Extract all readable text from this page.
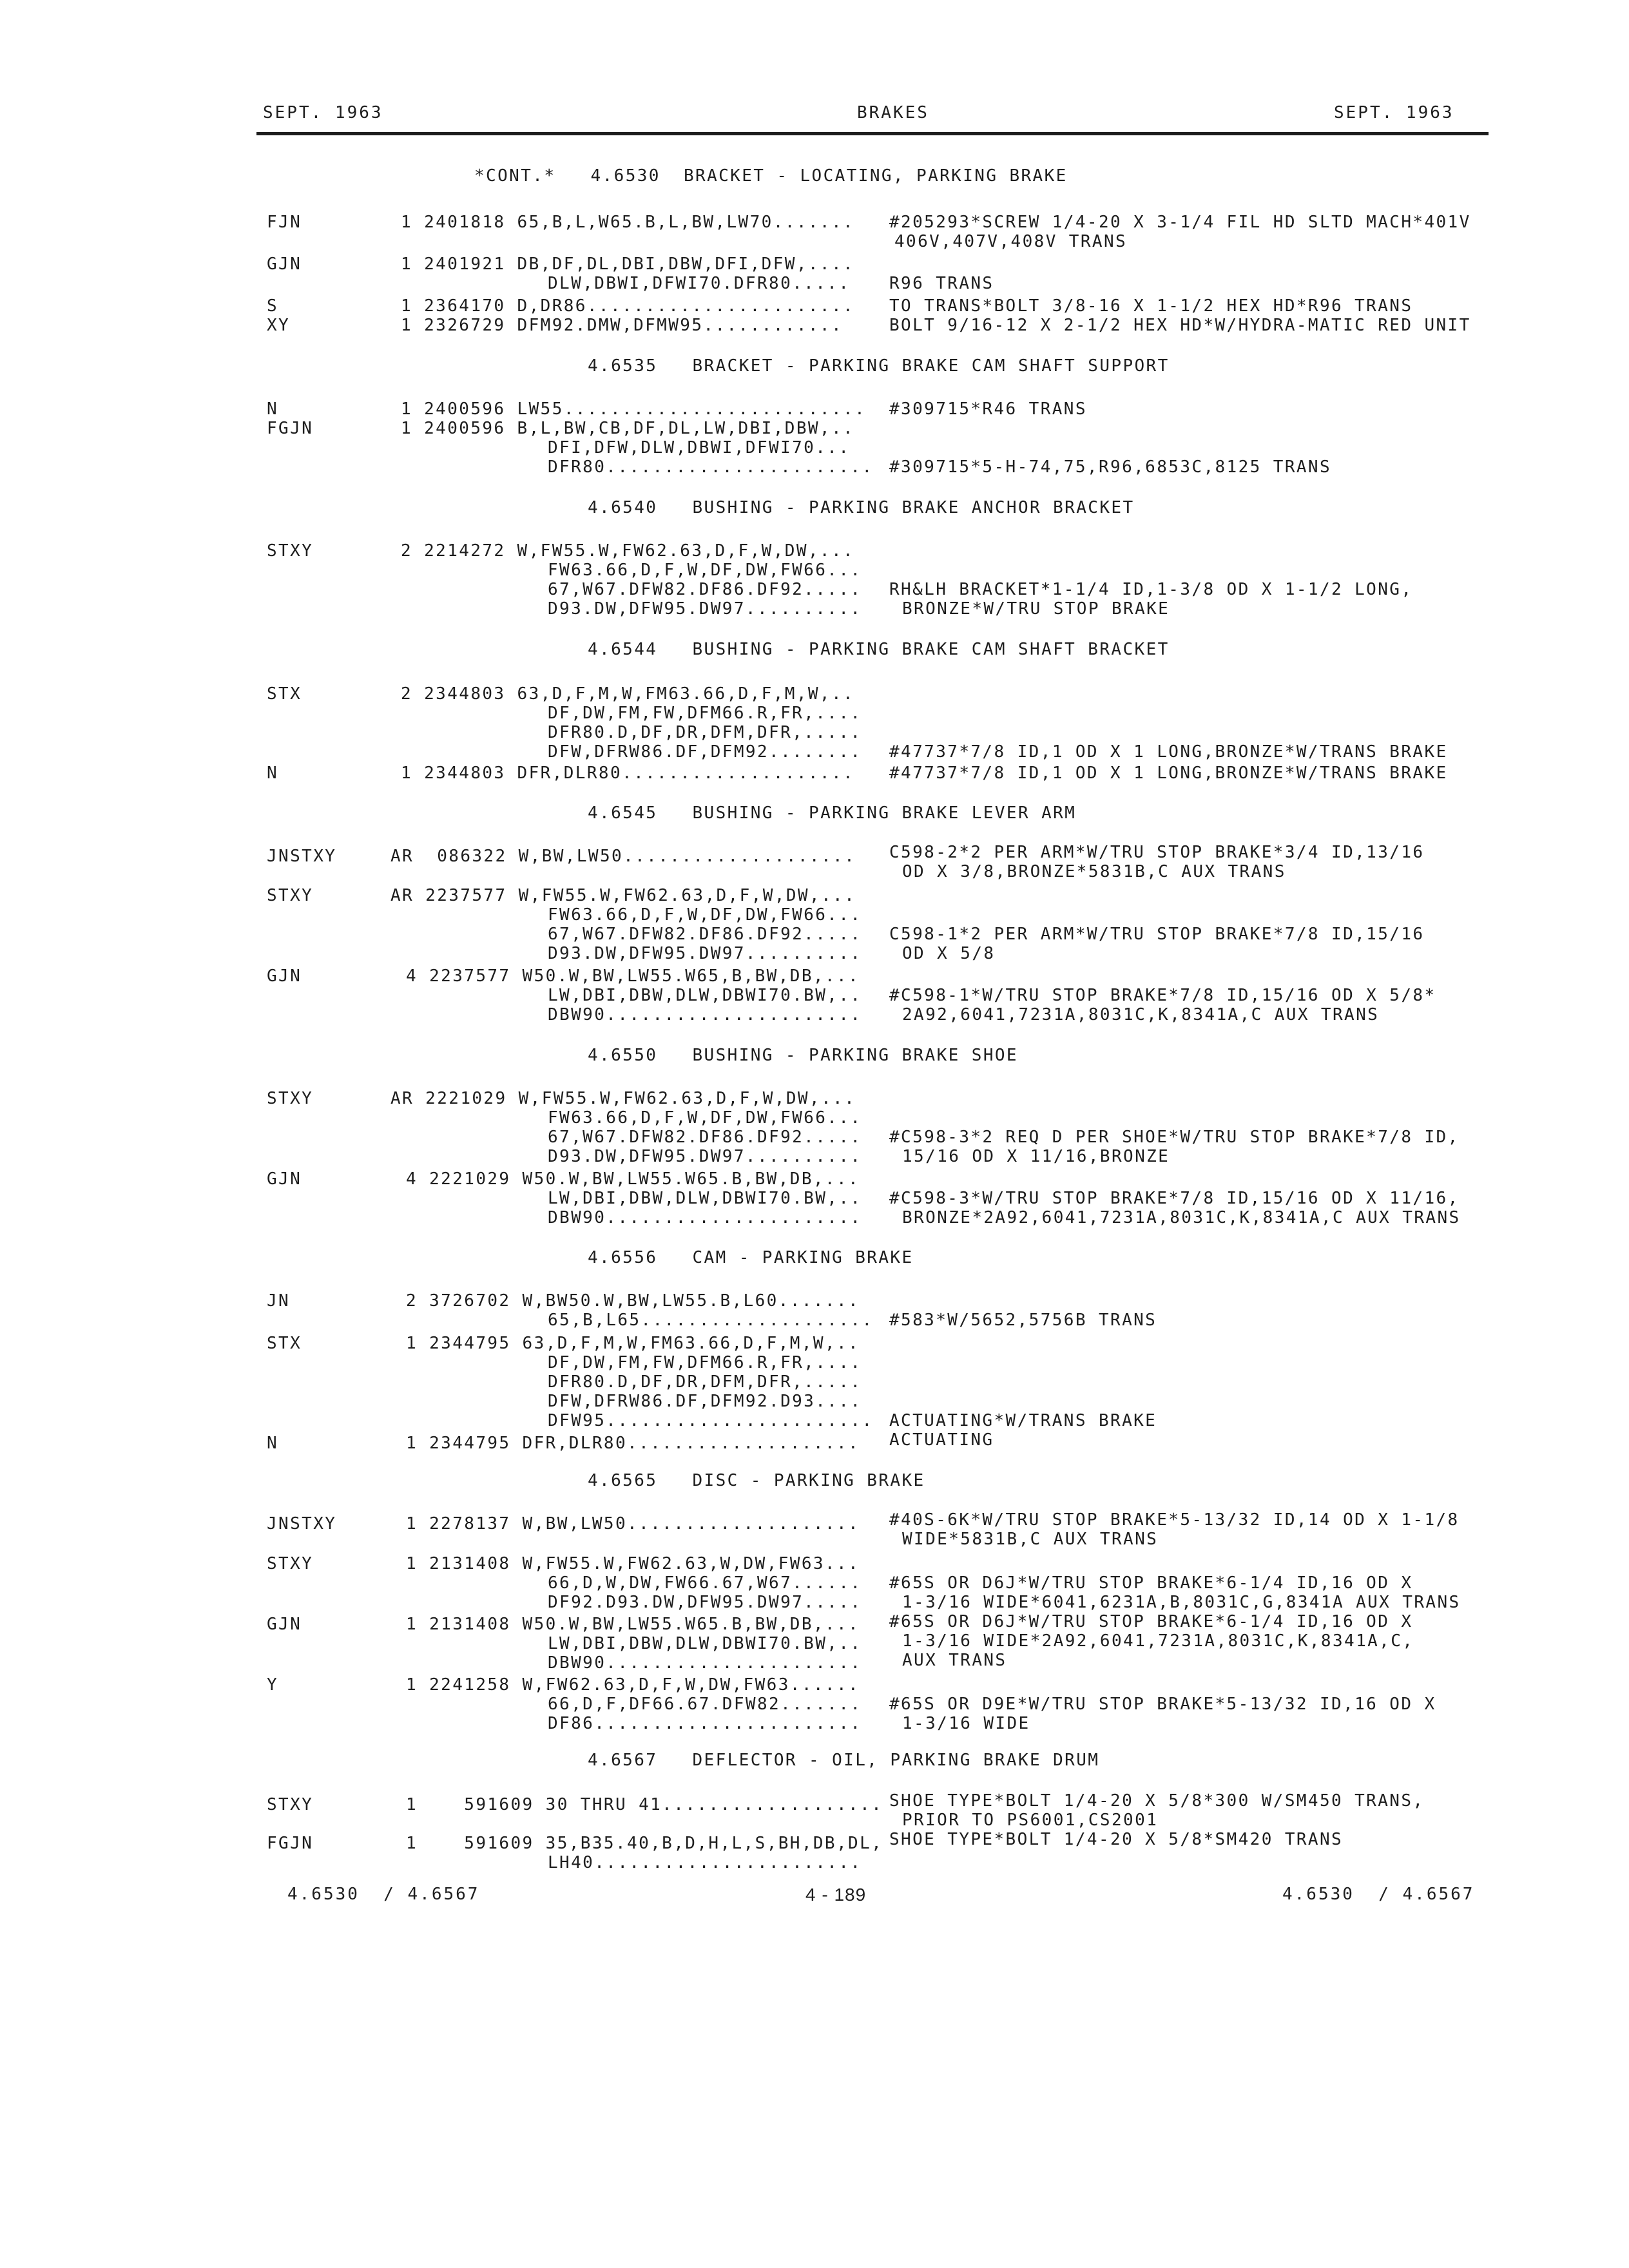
SEPT. 1963	BRAKES	SEPT. 1963
*CONT.*   4.6530  BRACKET - LOCATING, PARKING BRAKE
FJN	1 2401818 65,B,L,W65.B,L,BW,LW70....... #205293*SCREW 1/4-20 X 3-1/4 FIL HD SLTD MACH*401V
406V,407V,408V TRANS
GJN	1 2401921 DB,DF,DL,DBI,DBW,DFI,DFW,....
DLW,DBWI,DFWI70.DFR80..... R96 TRANS
S	1 2364170 D,DR86....................... TO TRANS*BOLT 3/8-16 X 1-1/2 HEX HD*R96 TRANS
XY	1 2326729 DFM92.DMW,DFMW95............	BOLT 9/16-12 X 2-1/2 HEX HD*W/HYDRA-MATIC RED UNIT
4.6535   BRACKET - PARKING BRAKE CAM SHAFT SUPPORT
N	1 2400596 LW55.......................... #309715*R46 TRANS
FGJN	1 2400596 B,L,BW,CB,DF,DL,LW,DBI,DBW,..
DFI,DFW,DLW,DBWI,DFWI70...
DFR80....................... #309715*5-H-74,75,R96,6853C,8125 TRANS
4.6540   BUSHING - PARKING BRAKE ANCHOR BRACKET
STXY	2 2214272 W,FW55.W,FW62.63,D,F,W,DW,...
FW63.66,D,F,W,DF,DW,FW66...
67,W67.DFW82.DF86.DF92..... RH&LH BRACKET*1-1/4 ID,1-3/8 OD X 1-1/2 LONG,
D93.DW,DFW95.DW97.......... BRONZE*W/TRU STOP BRAKE
4.6544   BUSHING - PARKING BRAKE CAM SHAFT BRACKET
STX	2 2344803 63,D,F,M,W,FM63.66,D,F,M,W,..
DF,DW,FM,FW,DFM66.R,FR,....
DFR80.D,DF,DR,DFM,DFR,.....
DFW,DFRW86.DF,DFM92........ #47737*7/8 ID,1 OD X 1 LONG,BRONZE*W/TRANS BRAKE
N	1 2344803 DFR,DLR80.................... #47737*7/8 ID,1 OD X 1 LONG,BRONZE*W/TRANS BRAKE
4.6545   BUSHING - PARKING BRAKE LEVER ARM
JNSTXY	AR  086322 W,BW,LW50.................... C598-2*2 PER ARM*W/TRU STOP BRAKE*3/4 ID,13/16
OD X 3/8,BRONZE*5831B,C AUX TRANS
STXY	AR 2237577 W,FW55.W,FW62.63,D,F,W,DW,...
FW63.66,D,F,W,DF,DW,FW66...
67,W67.DFW82.DF86.DF92..... C598-1*2 PER ARM*W/TRU STOP BRAKE*7/8 ID,15/16
D93.DW,DFW95.DW97.......... OD X 5/8
GJN	4 2237577 W50.W,BW,LW55.W65,B,BW,DB,...
LW,DBI,DBW,DLW,DBWI70.BW,.. #C598-1*W/TRU STOP BRAKE*7/8 ID,15/16 OD X 5/8*
DBW90...................... 2A92,6041,7231A,8031C,K,8341A,C AUX TRANS
4.6550   BUSHING - PARKING BRAKE SHOE
STXY	AR 2221029 W,FW55.W,FW62.63,D,F,W,DW,...
FW63.66,D,F,W,DF,DW,FW66...
67,W67.DFW82.DF86.DF92..... #C598-3*2 REQ D PER SHOE*W/TRU STOP BRAKE*7/8 ID,
D93.DW,DFW95.DW97.......... 15/16 OD X 11/16,BRONZE
GJN	4 2221029 W50.W,BW,LW55.W65.B,BW,DB,...
LW,DBI,DBW,DLW,DBWI70.BW,.. #C598-3*W/TRU STOP BRAKE*7/8 ID,15/16 OD X 11/16,
DBW90...................... BRONZE*2A92,6041,7231A,8031C,K,8341A,C AUX TRANS
4.6556   CAM - PARKING BRAKE
JN	2 3726702 W,BW50.W,BW,LW55.B,L60.......
65,B,L65.................... #583*W/5652,5756B TRANS
STX	1 2344795 63,D,F,M,W,FM63.66,D,F,M,W,..
DF,DW,FM,FW,DFM66.R,FR,....
DFR80.D,DF,DR,DFM,DFR,.....
DFW,DFRW86.DF,DFM92.D93....
DFW95....................... ACTUATING*W/TRANS BRAKE
N	1 2344795 DFR,DLR80.................... ACTUATING
4.6565   DISC - PARKING BRAKE
JNSTXY	1 2278137 W,BW,LW50.................... #40S-6K*W/TRU STOP BRAKE*5-13/32 ID,14 OD X 1-1/8
WIDE*5831B,C AUX TRANS
STXY	1 2131408 W,FW55.W,FW62.63,W,DW,FW63...
66,D,W,DW,FW66.67,W67...... #65S OR D6J*W/TRU STOP BRAKE*6-1/4 ID,16 OD X
DF92.D93.DW,DFW95.DW97..... 1-3/16 WIDE*6041,6231A,B,8031C,G,8341A AUX TRANS
GJN	1 2131408 W50.W,BW,LW55.W65.B,BW,DB,... #65S OR D6J*W/TRU STOP BRAKE*6-1/4 ID,16 OD X
LW,DBI,DBW,DLW,DBWI70.BW,.. 1-3/16 WIDE*2A92,6041,7231A,8031C,K,8341A,C,
DBW90...................... AUX TRANS
Y	1 2241258 W,FW62.63,D,F,W,DW,FW63......
66,D,F,DF66.67.DFW82....... #65S OR D9E*W/TRU STOP BRAKE*5-13/32 ID,16 OD X
DF86....................... 1-3/16 WIDE
4.6567   DEFLECTOR - OIL, PARKING BRAKE DRUM
STXY	1    591609 30 THRU 41................... SHOE TYPE*BOLT 1/4-20 X 5/8*300 W/SM450 TRANS,
PRIOR TO PS6001,CS2001
FGJN	1    591609 35,B35.40,B,D,H,L,S,BH,DB,DL, SHOE TYPE*BOLT 1/4-20 X 5/8*SM420 TRANS
LH40.......................
4.6530  / 4.6567	4 - 189	4.6530  / 4.6567
